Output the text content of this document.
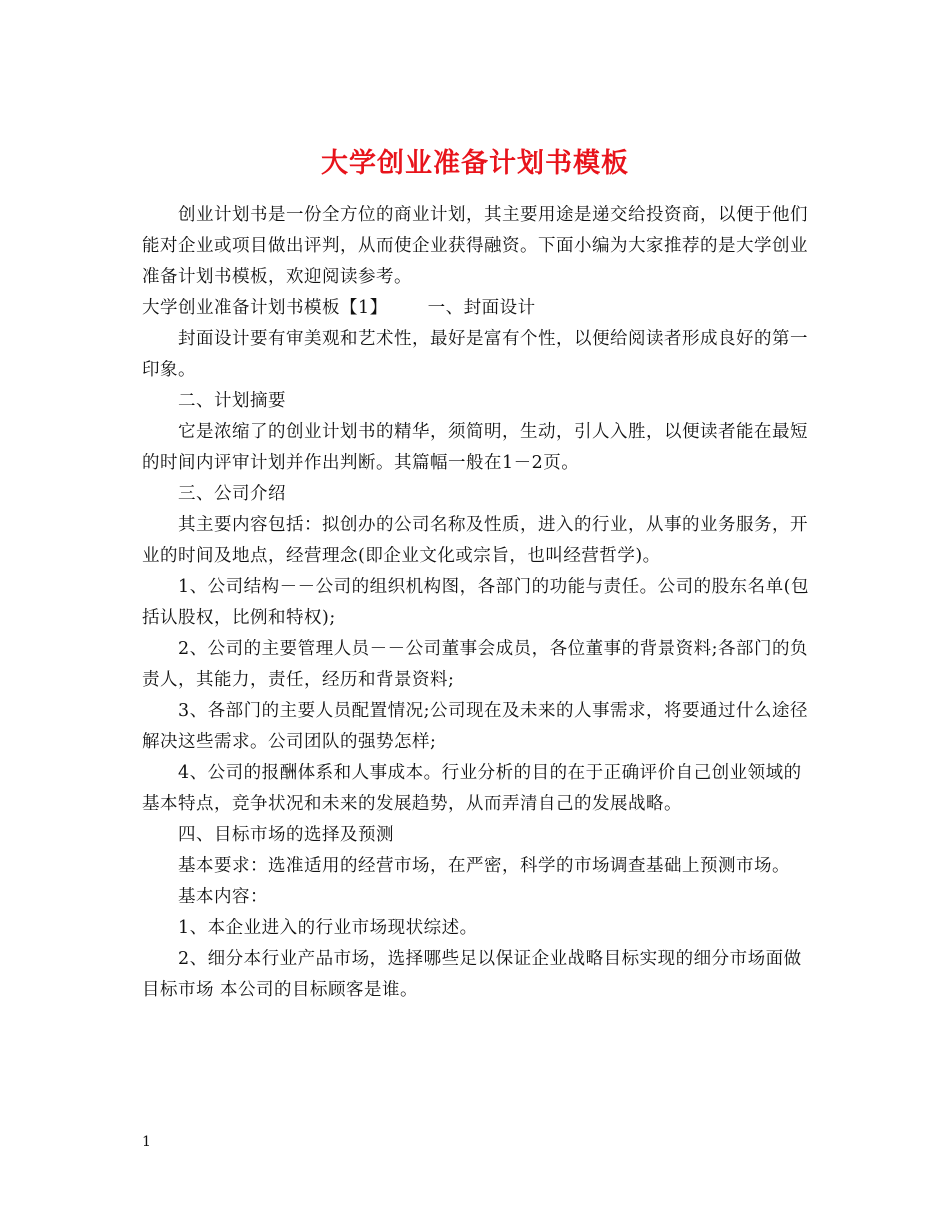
大学创业准备计划书模板

创业计划书是一份全方位的商业计划，其主要用途是递交给投资商，以便于他们能对企业或项目做出评判，从而使企业获得融资。下面小编为大家推荐的是大学创业准备计划书模板，欢迎阅读参考。

大学创业准备计划书模板【1】 一、封面设计

封面设计要有审美观和艺术性，最好是富有个性，以便给阅读者形成良好的第一印象。

二、计划摘要

它是浓缩了的创业计划书的精华，须简明，生动，引人入胜，以便读者能在最短的时间内评审计划并作出判断。其篇幅一般在1－2页。

三、公司介绍

其主要内容包括：拟创办的公司名称及性质，进入的行业，从事的业务服务，开业的时间及地点，经营理念(即企业文化或宗旨，也叫经营哲学)。

1、公司结构－－公司的组织机构图，各部门的功能与责任。公司的股东名单(包括认股权，比例和特权);

2、公司的主要管理人员－－公司董事会成员，各位董事的背景资料;各部门的负责人，其能力，责任，经历和背景资料;

3、各部门的主要人员配置情况;公司现在及未来的人事需求，将要通过什么途径解决这些需求。公司团队的强势怎样;

4、公司的报酬体系和人事成本。行业分析的目的在于正确评价自己创业领域的基本特点，竞争状况和未来的发展趋势，从而弄清自己的发展战略。

四、目标市场的选择及预测

基本要求：选准适用的经营市场，在严密，科学的市场调查基础上预测市场。

基本内容：

1、本企业进入的行业市场现状综述。

2、细分本行业产品市场，选择哪些足以保证企业战略目标实现的细分市场面做目标市场 本公司的目标顾客是谁。

1
